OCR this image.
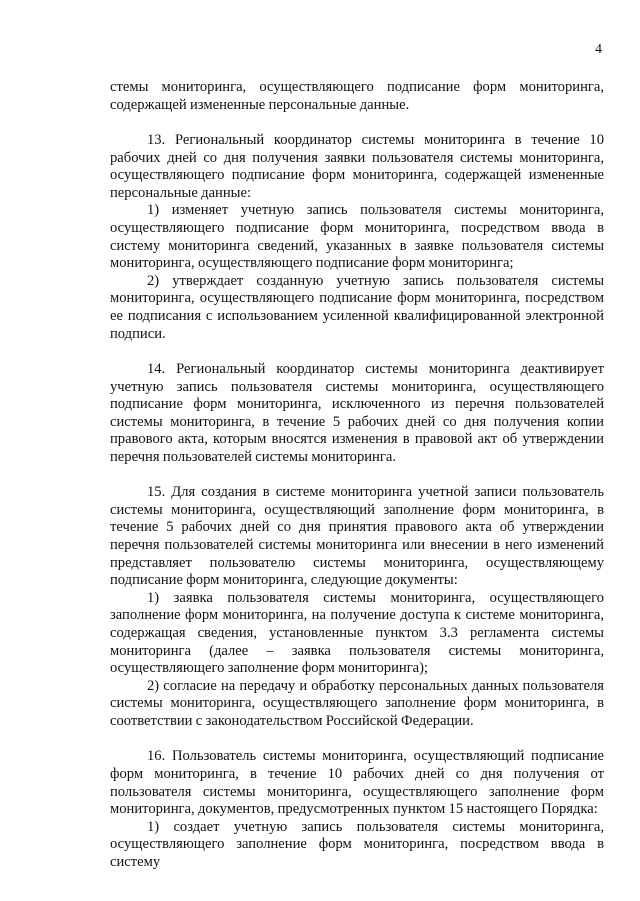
4

стемы мониторинга, осуществляющего подписание форм мониторинга, содержащей измененные персональные данные.

13. Региональный координатор системы мониторинга в течение 10 рабочих дней со дня получения заявки пользователя системы мониторинга, осуществляющего подписание форм мониторинга, содержащей измененные персональные данные:

1) изменяет учетную запись пользователя системы мониторинга, осуществляющего подписание форм мониторинга, посредством ввода в систему мониторинга сведений, указанных в заявке пользователя системы мониторинга, осуществляющего подписание форм мониторинга;

2) утверждает созданную учетную запись пользователя системы мониторинга, осуществляющего подписание форм мониторинга, посредством ее подписания с использованием усиленной квалифицированной электронной подписи.

14. Региональный координатор системы мониторинга деактивирует учетную запись пользователя системы мониторинга, осуществляющего подписание форм мониторинга, исключенного из перечня пользователей системы мониторинга, в течение 5 рабочих дней со дня получения копии правового акта, которым вносятся изменения в правовой акт об утверждении перечня пользователей системы мониторинга.

15. Для создания в системе мониторинга учетной записи пользователь системы мониторинга, осуществляющий заполнение форм мониторинга, в течение 5 рабочих дней со дня принятия правового акта об утверждении перечня пользователей системы мониторинга или внесении в него изменений представляет пользователю системы мониторинга, осуществляющему подписание форм мониторинга, следующие документы:

1) заявка пользователя системы мониторинга, осуществляющего заполнение форм мониторинга, на получение доступа к системе мониторинга, содержащая сведения, установленные пунктом 3.3 регламента системы мониторинга (далее – заявка пользователя системы мониторинга, осуществляющего заполнение форм мониторинга);

2) согласие на передачу и обработку персональных данных пользователя системы мониторинга, осуществляющего заполнение форм мониторинга, в соответствии с законодательством Российской Федерации.

16. Пользователь системы мониторинга, осуществляющий подписание форм мониторинга, в течение 10 рабочих дней со дня получения от пользователя системы мониторинга, осуществляющего заполнение форм мониторинга, документов, предусмотренных пунктом 15 настоящего Порядка:

1) создает учетную запись пользователя системы мониторинга, осуществляющего заполнение форм мониторинга, посредством ввода в систему
